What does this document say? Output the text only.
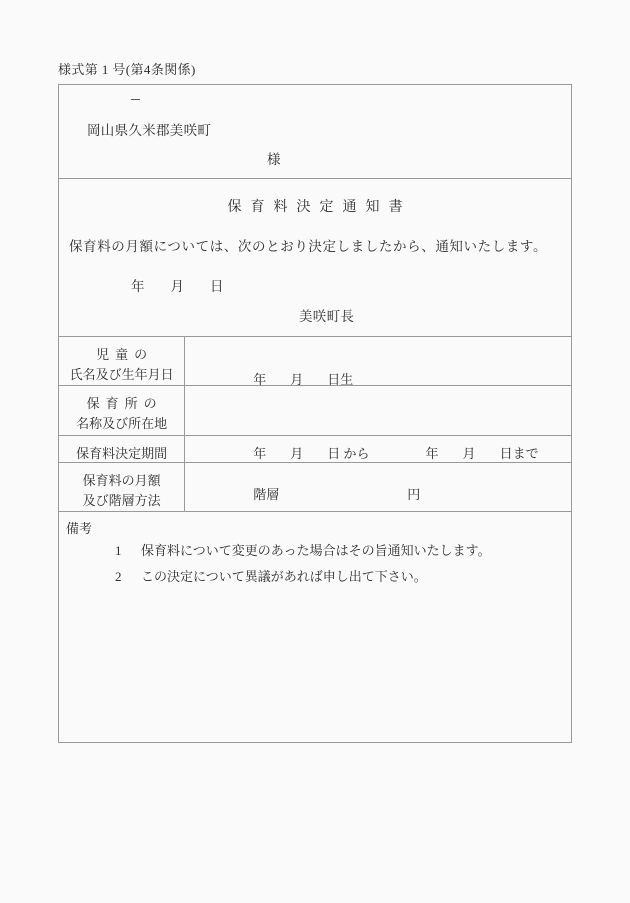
様式第 1 号(第4条関係)
岡山県久米郡美咲町
様	

保育料決定通知書
保育料の月額については、次のとおり決定しましたから、通知いたします。
年 月 日
美咲町長	

児童の
氏名及び生年月日	年 月 日生

保育所の
名称及び所在地	

保育料決定期間	年 月 日 から 年 月 日まで

保育料の月額
及び階層方法	階層 円

備考
1 保育料について変更のあった場合はその旨通知いたします。
2 この決定について異議があれば申し出て下さい。	
